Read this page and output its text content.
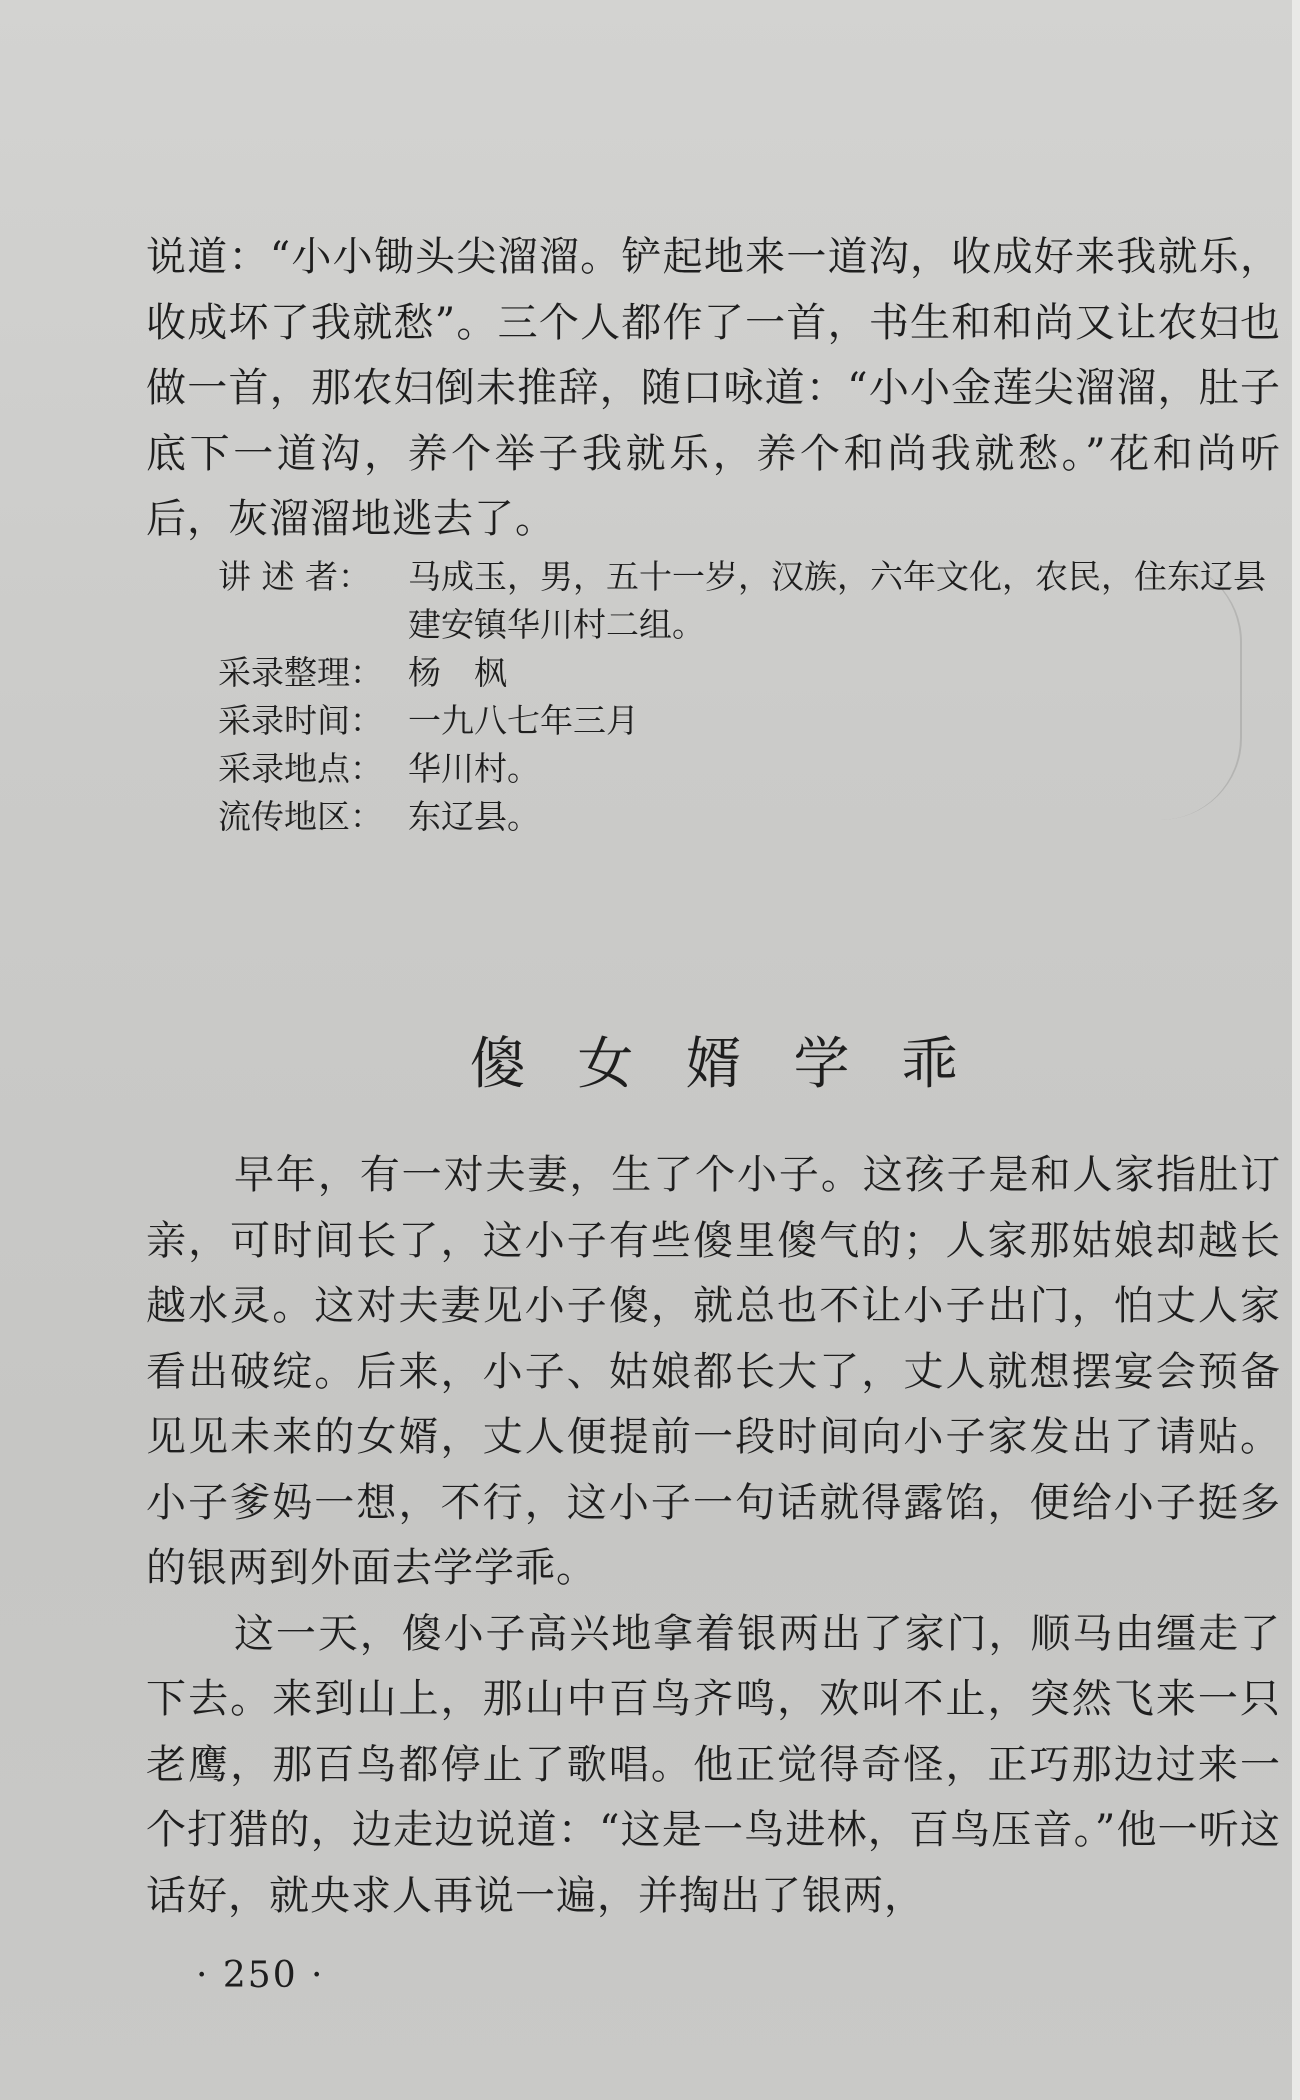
说道：“小小锄头尖溜溜。铲起地来一道沟，收成好来我就乐，收成坏了我就愁”。三个人都作了一首，书生和和尚又让农妇也做一首，那农妇倒未推辞，随口咏道：“小小金莲尖溜溜，肚子底下一道沟，养个举子我就乐，养个和尚我就愁。”花和尚听后，灰溜溜地逃去了。

讲 述 者：	马成玉，男，五十一岁，汉族，六年文化，农民，住东辽县建安镇华川村二组。
采录整理： 杨　枫
采录时间： 一九八七年三月
采录地点： 华川村。
流传地区： 东辽县。
傻女婿学乖

早年，有一对夫妻，生了个小子。这孩子是和人家指肚订亲，可时间长了，这小子有些傻里傻气的；人家那姑娘却越长越水灵。这对夫妻见小子傻，就总也不让小子出门，怕丈人家看出破绽。后来，小子、姑娘都长大了，丈人就想摆宴会预备见见未来的女婿，丈人便提前一段时间向小子家发出了请贴。小子爹妈一想，不行，这小子一句话就得露馅，便给小子挺多的银两到外面去学学乖。

这一天，傻小子高兴地拿着银两出了家门，顺马由缰走了下去。来到山上，那山中百鸟齐鸣，欢叫不止，突然飞来一只老鹰，那百鸟都停止了歌唱。他正觉得奇怪，正巧那边过来一个打猎的，边走边说道：“这是一鸟进林，百鸟压音。”他一听这话好，就央求人再说一遍，并掏出了银两，

· 250 ·
